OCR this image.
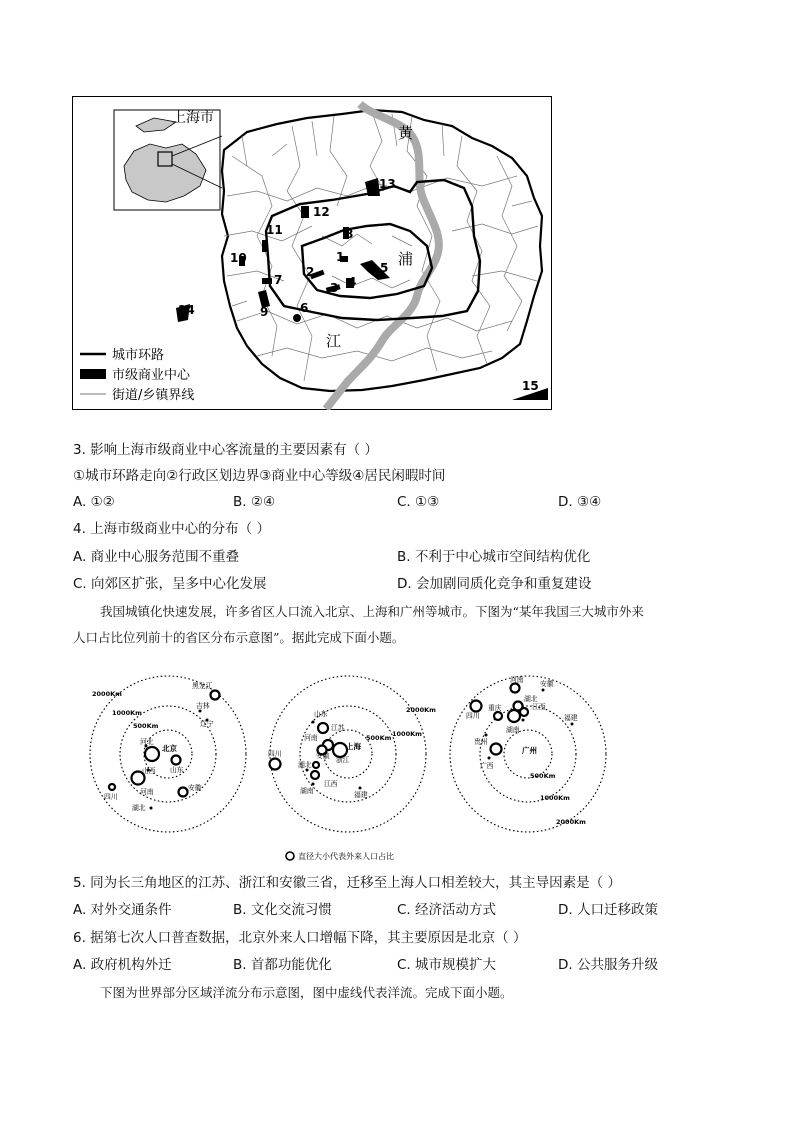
1
2
3 4
5
6
7
8
9
10
11
12
13
14
15
黄
浦
江
上海市
城市环路
市级商业中心
街道/乡镇界线
3. 影响上海市级商业中心客流量的主要因素有（ ）
①城市环路走向②行政区划边界③商业中心等级④居民闲暇时间
A. ①②	B. ②④	C. ①③	D. ③④
4. 上海市级商业中心的分布（ ）
A. 商业中心服务范围不重叠	B. 不利于中心城市空间结构优化
C. 向郊区扩张，呈多中心化发展	D. 会加剧同质化竞争和重复建设
我国城镇化快速发展，许多省区人口流入北京、上海和广州等城市。下图为“某年我国三大城市外来
人口占比位列前十的省区分布示意图”。据此完成下面小题。
2000Km
1000Km
500Km
1000Km
500Km
2000Km
500Km
1000Km
2000Km
黑龙江
吉林
辽宁
河北
山西 山东
河南	安徽
四川
湖北
山东
江苏
河南
安徽 浙江
湖北
四川
江西
湖南	福建
河南 安徽
湖北
四川
重庆	江西
湖南
福建
贵州
广西
北京	上海	广州
直径大小代表外来人口占比
5. 同为长三角地区的江苏、浙江和安徽三省，迁移至上海人口相差较大，其主导因素是（ ）
A. 对外交通条件	B. 文化交流习惯	C. 经济活动方式	D. 人口迁移政策
6. 据第七次人口普查数据，北京外来人口增幅下降，其主要原因是北京（ ）
A. 政府机构外迁	B. 首都功能优化	C. 城市规模扩大	D. 公共服务升级
下图为世界部分区域洋流分布示意图，图中虚线代表洋流。完成下面小题。
